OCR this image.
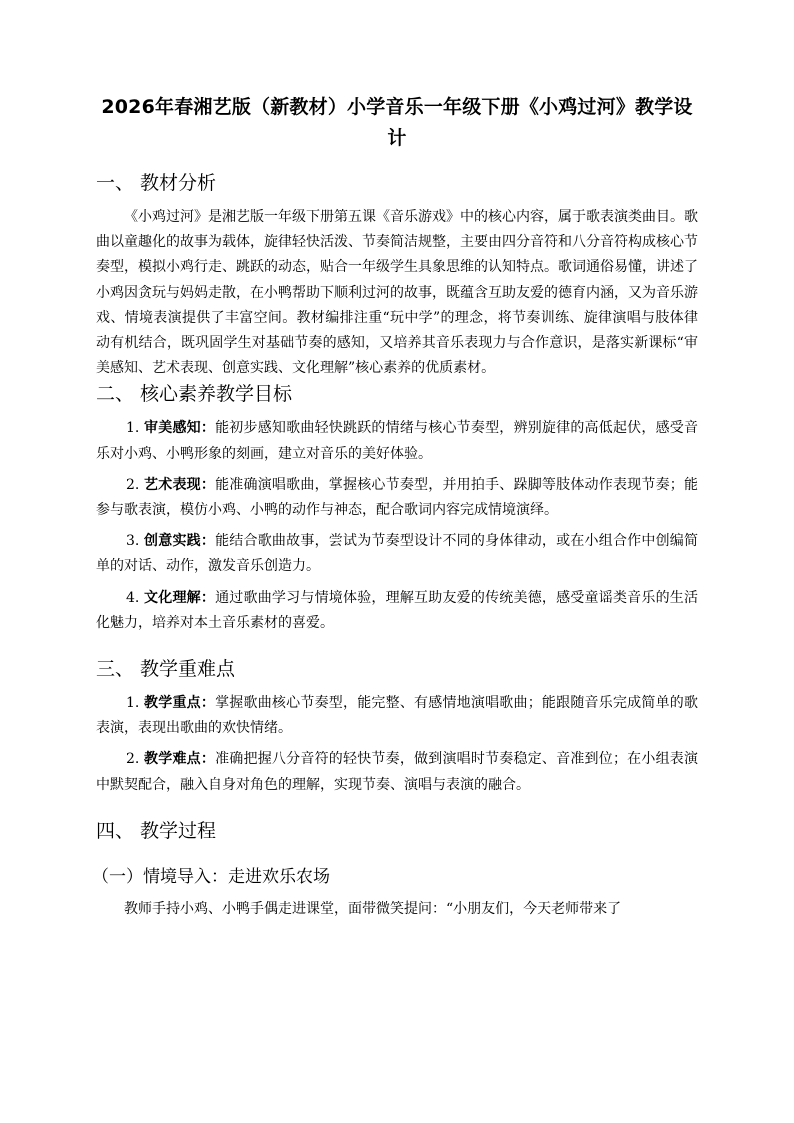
2026年春湘艺版（新教材）小学音乐一年级下册《小鸡过河》教学设计
一、 教材分析

《小鸡过河》是湘艺版一年级下册第五课《音乐游戏》中的核心内容，属于歌表演类曲目。歌曲以童趣化的故事为载体，旋律轻快活泼、节奏简洁规整，主要由四分音符和八分音符构成核心节奏型，模拟小鸡行走、跳跃的动态，贴合一年级学生具象思维的认知特点。歌词通俗易懂，讲述了小鸡因贪玩与妈妈走散，在小鸭帮助下顺利过河的故事，既蕴含互助友爱的德育内涵，又为音乐游戏、情境表演提供了丰富空间。教材编排注重“玩中学”的理念，将节奏训练、旋律演唱与肢体律动有机结合，既巩固学生对基础节奏的感知，又培养其音乐表现力与合作意识，是落实新课标“审美感知、艺术表现、创意实践、文化理解”核心素养的优质素材。

二、 核心素养教学目标

1. 审美感知：能初步感知歌曲轻快跳跃的情绪与核心节奏型，辨别旋律的高低起伏，感受音乐对小鸡、小鸭形象的刻画，建立对音乐的美好体验。

2. 艺术表现：能准确演唱歌曲，掌握核心节奏型，并用拍手、跺脚等肢体动作表现节奏；能参与歌表演，模仿小鸡、小鸭的动作与神态，配合歌词内容完成情境演绎。

3. 创意实践：能结合歌曲故事，尝试为节奏型设计不同的身体律动，或在小组合作中创编简单的对话、动作，激发音乐创造力。

4. 文化理解：通过歌曲学习与情境体验，理解互助友爱的传统美德，感受童谣类音乐的生活化魅力，培养对本土音乐素材的喜爱。

三、 教学重难点

1. 教学重点：掌握歌曲核心节奏型，能完整、有感情地演唱歌曲；能跟随音乐完成简单的歌表演，表现出歌曲的欢快情绪。

2. 教学难点：准确把握八分音符的轻快节奏，做到演唱时节奏稳定、音准到位；在小组表演中默契配合，融入自身对角色的理解，实现节奏、演唱与表演的融合。

四、 教学过程
（一）情境导入：走进欢乐农场

教师手持小鸡、小鸭手偶走进课堂，面带微笑提问：“小朋友们，今天老师带来了
